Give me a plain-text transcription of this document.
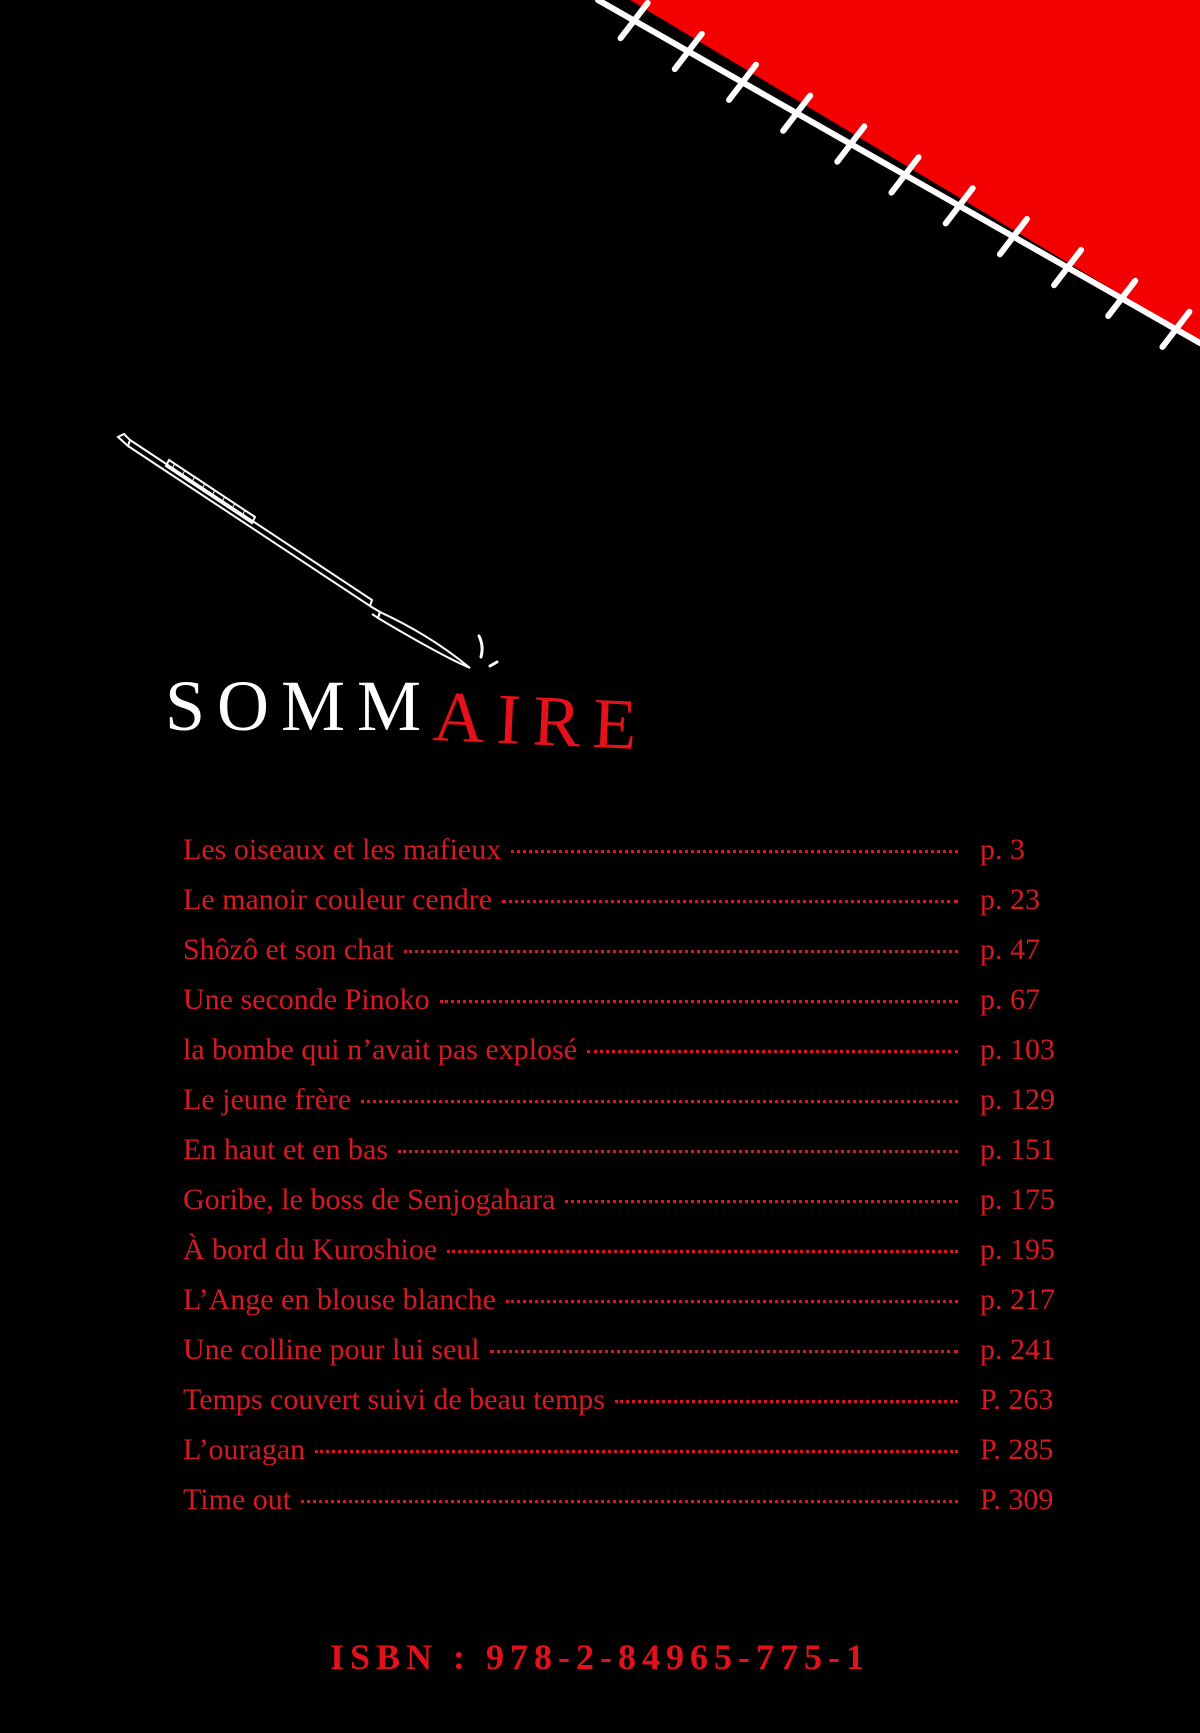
SOMMAIRE
Les oiseaux et les mafieux	p. 3
Le manoir couleur cendre	p. 23
Shôzô et son chat	p. 47
Une seconde Pinoko	p. 67
la bombe qui n’avait pas explosé	p. 103
Le jeune frère	p. 129
En haut et en bas	p. 151
Goribe, le boss de Senjogahara	p. 175
À bord du Kuroshioe	p. 195
L’Ange en blouse blanche	p. 217
Une colline pour lui seul	p. 241
Temps couvert suivi de beau temps	P. 263
L’ouragan	P. 285
Time out	P. 309
ISBN : 978-2-84965-775-1
